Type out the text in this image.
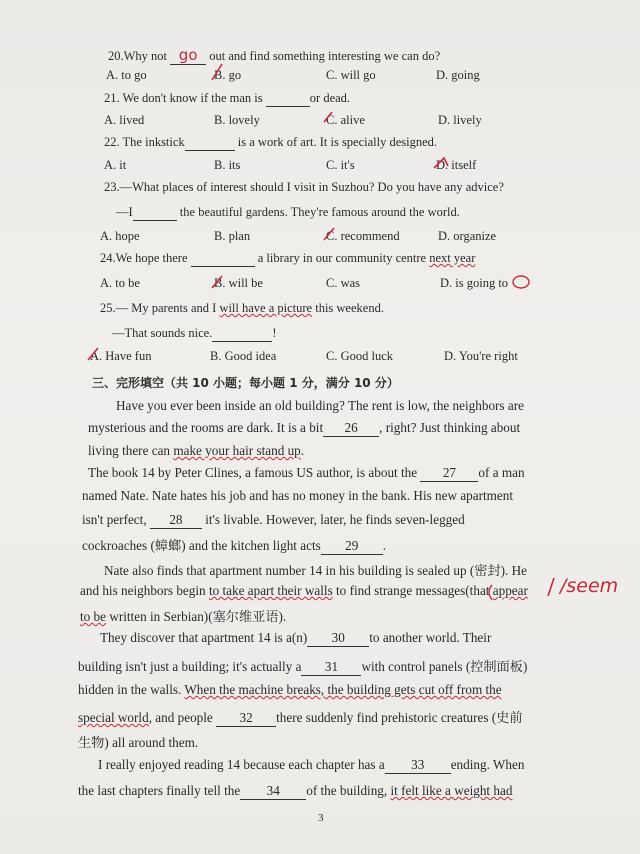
20.Why not go out and find something interesting we can do?
A. to go	B. go	C. will go	D. going
21. We don't know if the man is	or dead.
A. lived	B. lovely	C. alive	D. lively
22. The inkstick	is a work of art. It is specially designed.
A. it	B. its	C. it's	D. itself
23.—What places of interest should I visit in Suzhou? Do you have any advice?
—I	the beautiful gardens. They're famous around the world.
A. hope	B. plan	C. recommend	D. organize
24.We hope there	a library in our community centre next year
A. to be	B. will be	C. was	D. is going to
25.— My parents and I will have a picture this weekend.
—That sounds nice.	!
A. Have fun	B. Good idea	C. Good luck	D. You're right
三、完形填空（共 10 小题；每小题 1 分，满分 10 分）
Have you ever been inside an old building? The rent is low, the neighbors are
mysterious and the rooms are dark. It is a bit 26 , right? Just thinking about
living there can make your hair stand up.
The book 14 by Peter Clines, a famous US author, is about the 27 of a man
named Nate. Nate hates his job and has no money in the bank. His new apartment
isn't perfect, 28 it's livable. However, later, he finds seven-legged
cockroaches (蟑螂) and the kitchen light acts 29 .
Nate also finds that apartment number 14 in his building is sealed up (密封). He
and his neighbors begin to take apart their walls to find strange messages(that appear /seem
to be written in Serbian)(塞尔维亚语).
They discover that apartment 14 is a(n) 30 to another world. Their
building isn't just a building; it's actually a 31 with control panels (控制面板)
hidden in the walls. When the machine breaks, the building gets cut off from the
special world, and people 32 there suddenly find prehistoric creatures (史前
生物) all around them.
I really enjoyed reading 14 because each chapter has a 33 ending. When
the last chapters finally tell the 34 of the building, it felt like a weight had
3
